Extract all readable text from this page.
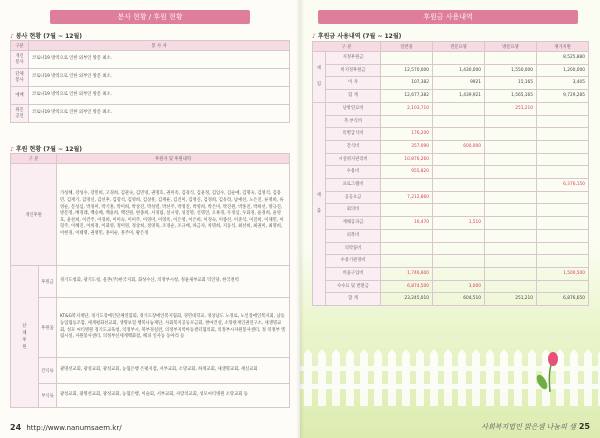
봉사 현황 / 후원 현황
♪ 봉사 현황 (7월 ~ 12월)
구분	봉 사 자
개인
봉사	코로나19 방역으로 인한 외부인 방문 최소.
단체
봉사	코로나19 방역으로 인한 외부인 방문 최소.
예배	코로나19 방역으로 인한 외부인 방문 최소.
위문
공연	코로나19 방역으로 인한 외부인 방문 최소.
♪ 후원 현황 (7월 ~ 12월)
구 분		후원자 및 후원내역
개인후원		가성혜, 강성수, 강민희, 고경희, 김관숙, 김민영, 권명호, 권미옥, 김경식, 김윤정, 김임수, 김순애, 김명숙, 김영석, 김용민, 김재기, 김영신, 김선후, 김형석, 김영희, 김상흥, 김재운, 김진미, 김영신, 김정희, 김유라, 남예선, 노은진, 류영희, 류영순, 문성심, 박경미, 박기홍, 박미희, 박상진, 박성렬, 박선주, 박정진, 박영희, 박은미, 박진원, 박홍진, 박희선, 방규진, 방문영, 배경례, 백승혜, 백윤희, 백진원, 변종희, 서경림, 설시영, 성진명, 신명연, 오륙경, 우정심, 우화경, 윤경희, 윤영호, 윤찬희, 이건주, 이경희, 이미숙, 이미주, 이영미, 이영옥, 이은영, 이은희, 이정숙, 이종선, 이준석, 이진희, 이채민, 이형주, 이혜진, 이희경, 이화영, 정미영, 정상희, 정영목, 조경순, 조규배, 차금자, 차명희, 지동석, 최선희, 최권미, 최명희, 이현경, 이태명, 권영민, 홍미순, 홍주미, 황은정
단체후원	후원금	경기도청회, 광기도청, 울촌(주)한국지회, 화성수산, 의정부시청, 정윤새부교회 덕인당, 한국전력
	후원품	KT&G복지재단, 경기도장애인단체연합회, 경기도장애인복지협회, 경민대학교, 경상남도 노경로, 노인장애인복지회, 남동농업협동조합, 세계평화선교회, 생명보험 행복나눔재단, 사회복지공동모금회, 쌍마건설, 소망관계인권연구소, 새생명교회, 성모 씨티병원 경기도교육청, 의정부시, 북부경실련, 의정부지역아동센터협의회, 의정부시자원봉사센터, 정 의정부 엘림시설, 자원봉사센터, 의정부신세계백화점, 해피 인사동 동아리 등
	간식류	광명선교회, 광성교회, 광성교회, 농협은행 은평지점, 서부교회, 소망교회, 하계교회, 새생명교회, 세신교회
	부식류	광성교회, 광명선교회, 광성교회, 농협은행, 이슬회, 서부교회, 사랑의교회, 성모씨티병원 소망교회 등
24 http://www.nanumsaem.kr/
후원금 사용내역
♪ 후원금 사용내역 (7월 ~ 12월)
구 분		일반용	전문요양	방문요양	재가지원
세

입	지정후원금				8,525,880
	비지정후원금	12,570,000	1,430,000	1,550,000	1,200,000
	이 자	107,382	9921	15,165	3,405
	합 계	12,677,382	1,439,921	1,565,165	9,729,285
세

출	난방연료비	2,103,710		251,210	
	추.부식비				
	특별급식비	176,200			
	간식비	357,090	600,000		
	시설위지관리비	10,876,260			
	수용비	955,820			
	프로그램비				6,376,150
	공공요금	7,212,860			
	회의비				
	재해공과금	16,470	1,510		
	피복비				
	의약품비				
	수용기관경비				
	비품구입비	1,746,600			1,500,500
	수수료 및 반환금	6,874,500	3,000		
	합 계	23,245,010	604,510	251,210	6,876,650
사회복지법인 맑은샘 나눔의 샘 25
